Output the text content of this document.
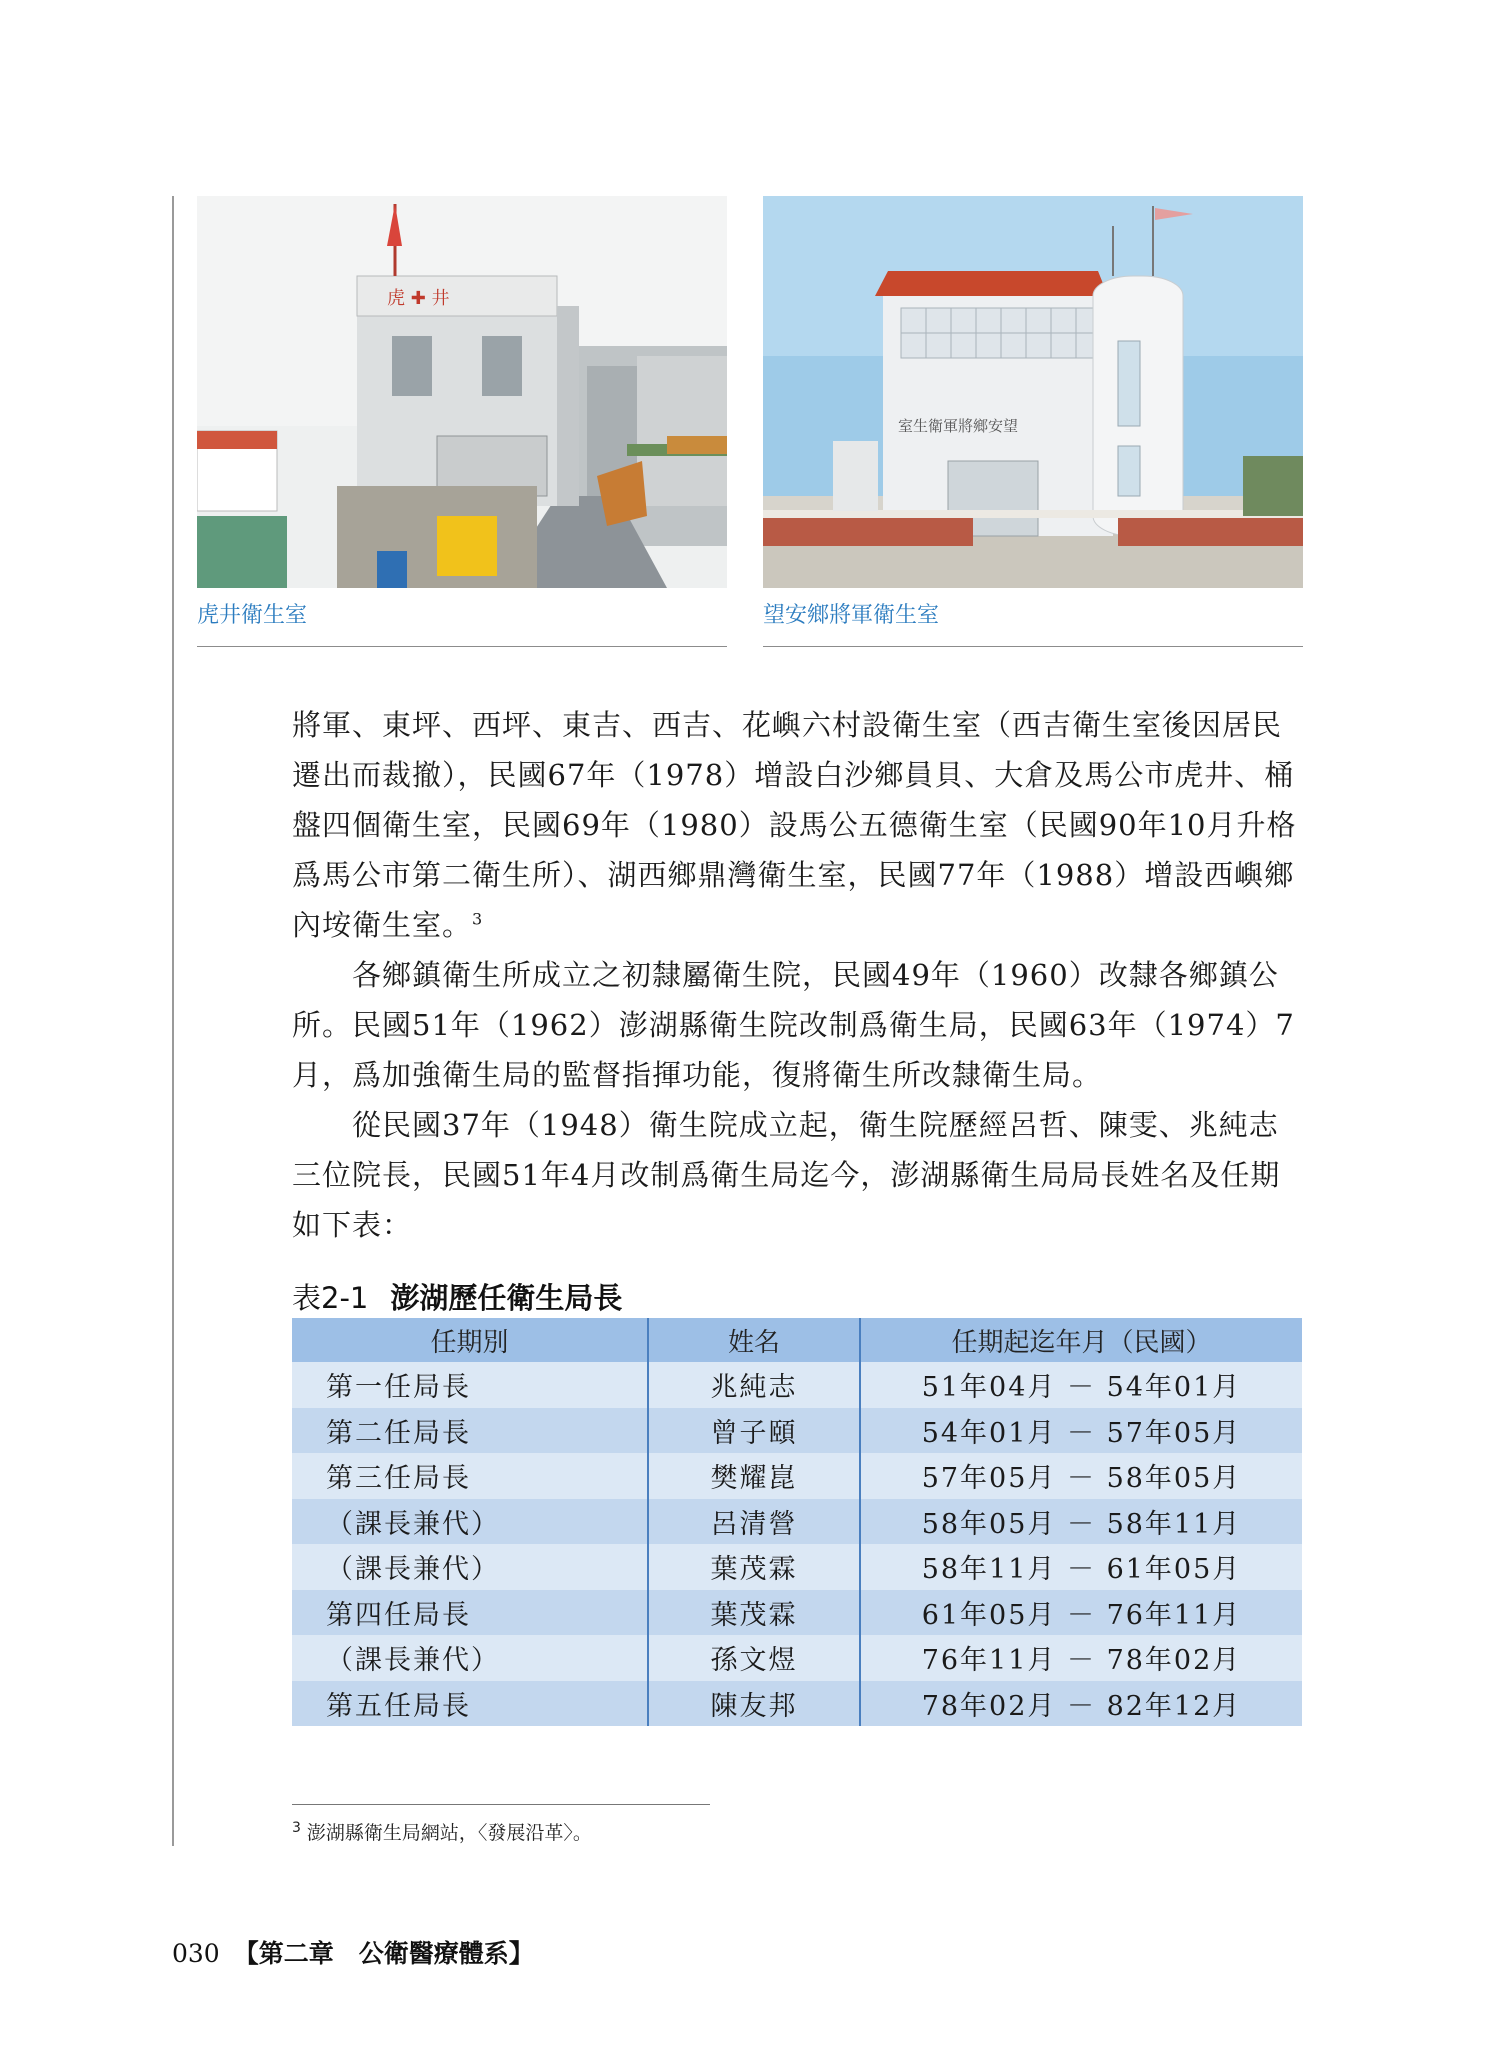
虎 ✚ 井
室生衛軍將鄉安望
虎井衛生室	望安鄉將軍衛生室

將軍、東坪、西坪、東吉、西吉、花嶼六村設衛生室（西吉衛生室後因居民遷出而裁撤），民國67年（1978）增設白沙鄉員貝、大倉及馬公市虎井、桶盤四個衛生室，民國69年（1980）設馬公五德衛生室（民國90年10月升格爲馬公市第二衛生所）、湖西鄉鼎灣衛生室，民國77年（1988）增設西嶼鄉內垵衛生室。$^3$

各鄉鎮衛生所成立之初隸屬衛生院，民國49年（1960）改隸各鄉鎮公所。民國51年（1962）澎湖縣衛生院改制爲衛生局，民國63年（1974）7月，爲加強衛生局的監督指揮功能，復將衛生所改隸衛生局。

從民國37年（1948）衛生院成立起，衛生院歷經呂哲、陳雯、兆純志三位院長，民國51年4月改制爲衛生局迄今，澎湖縣衛生局局長姓名及任期如下表：

表2-1 澎湖歷任衛生局長
任期別	姓名	任期起迄年月（民國）
第一任局長	兆純志	51年04月 － 54年01月
第二任局長	曾子頤	54年01月 － 57年05月
第三任局長	樊耀崑	57年05月 － 58年05月
（課長兼代）	呂清營	58年05月 － 58年11月
（課長兼代）	葉茂霖	58年11月 － 61年05月
第四任局長	葉茂霖	61年05月 － 76年11月
（課長兼代）	孫文煜	76年11月 － 78年02月
第五任局長	陳友邦	78年02月 － 82年12月
$^3$ 澎湖縣衛生局網站，〈發展沿革〉。
030 【第二章　公衛醫療體系】
